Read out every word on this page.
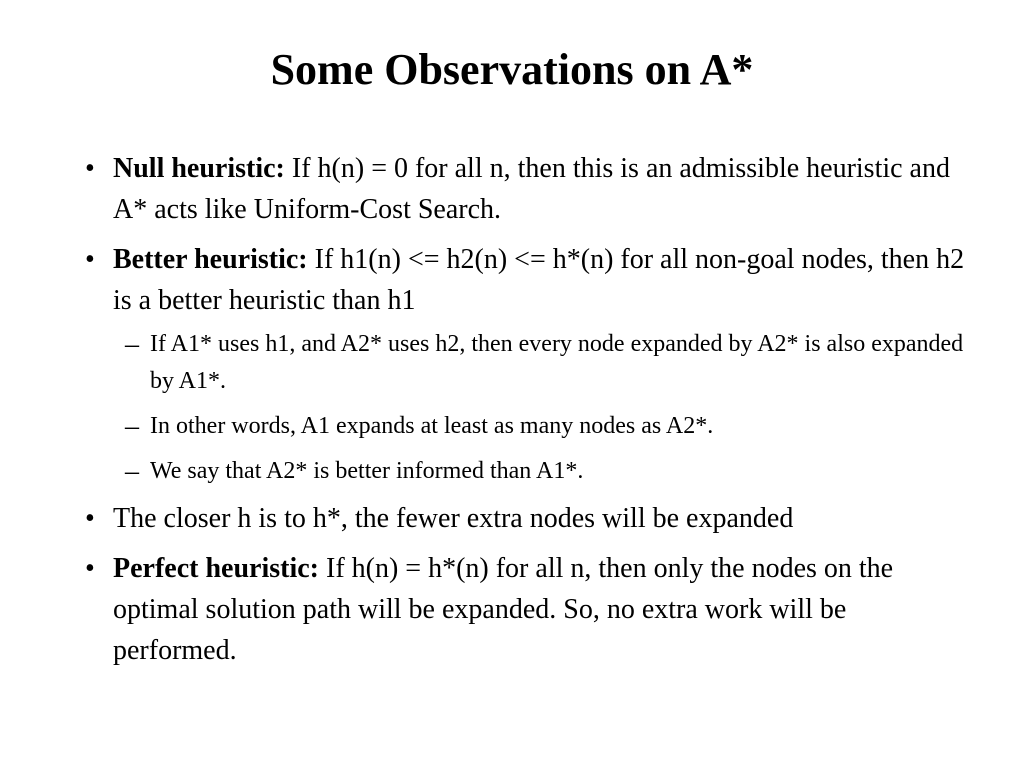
Some Observations on A*
• Null heuristic: If h(n) = 0 for all n, then this is an admissible heuristic and A* acts like Uniform-Cost Search.
• Better heuristic: If h1(n) <= h2(n) <= h*(n) for all non-goal nodes, then h2 is a better heuristic than h1
– If A1* uses h1, and A2* uses h2, then every node expanded by A2* is also expanded by A1*.
– In other words, A1 expands at least as many nodes as A2*.
– We say that A2* is better informed than A1*.
• The closer h is to h*, the fewer extra nodes will be expanded
• Perfect heuristic: If h(n) = h*(n) for all n, then only the nodes on the optimal solution path will be expanded. So, no extra work will be performed.
